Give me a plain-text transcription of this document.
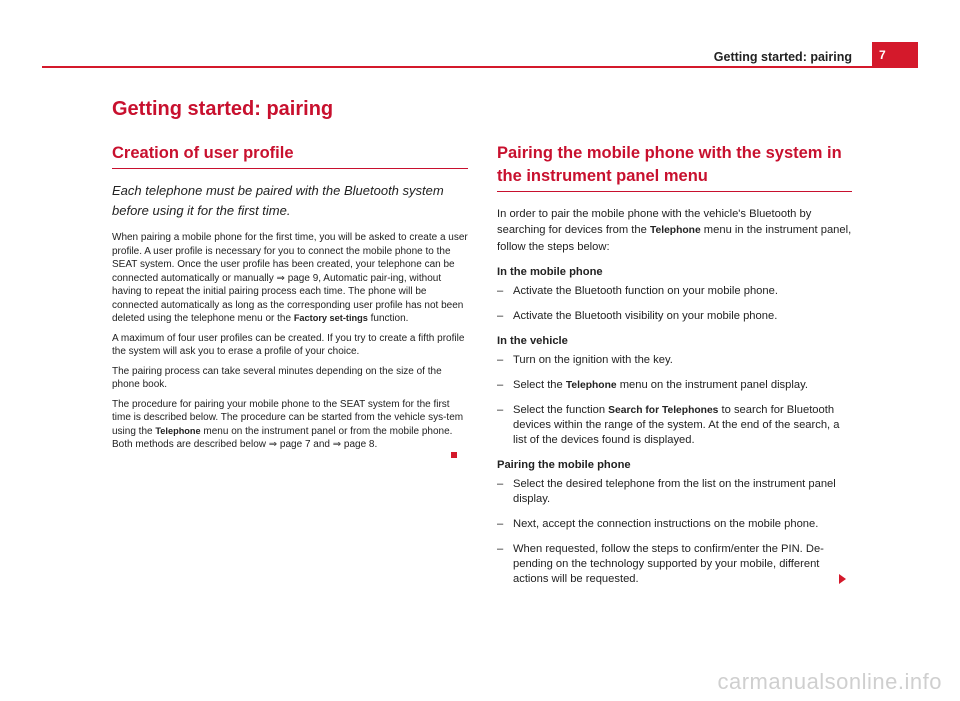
Getting started: pairing	7
Getting started: pairing
Creation of user profile

Each telephone must be paired with the Bluetooth system before using it for the first time.

When pairing a mobile phone for the first time, you will be asked to create a user profile. A user profile is necessary for you to connect the mobile phone to the SEAT system. Once the user profile has been created, your telephone can be connected automatically or manually ⇒ page 9, Automatic pair-ing, without having to repeat the initial pairing process each time. The phone will be connected automatically as long as the corresponding user profile has not been deleted using the telephone menu or the Factory set-tings function.

A maximum of four user profiles can be created. If you try to create a fifth profile the system will ask you to erase a profile of your choice.

The pairing process can take several minutes depending on the size of the phone book.

The procedure for pairing your mobile phone to the SEAT system for the first time is described below. The procedure can be started from the vehicle sys-tem using the Telephone menu on the instrument panel or from the mobile phone. Both methods are described below ⇒ page 7 and ⇒ page 8.

Pairing the mobile phone with the system in the instrument panel menu

In order to pair the mobile phone with the vehicle's Bluetooth by searching for devices from the Telephone menu in the instrument panel, follow the steps below:

In the mobile phone
– Activate the Bluetooth function on your mobile phone.
– Activate the Bluetooth visibility on your mobile phone.
In the vehicle
– Turn on the ignition with the key.
– Select the Telephone menu on the instrument panel display.
– Select the function Search for Telephones to search for Bluetooth devices within the range of the system. At the end of the search, a list of the devices found is displayed.
Pairing the mobile phone
– Select the desired telephone from the list on the instrument panel display.
– Next, accept the connection instructions on the mobile phone.
– When requested, follow the steps to confirm/enter the PIN. De-pending on the technology supported by your mobile, different actions will be requested.
carmanualsonline.info
